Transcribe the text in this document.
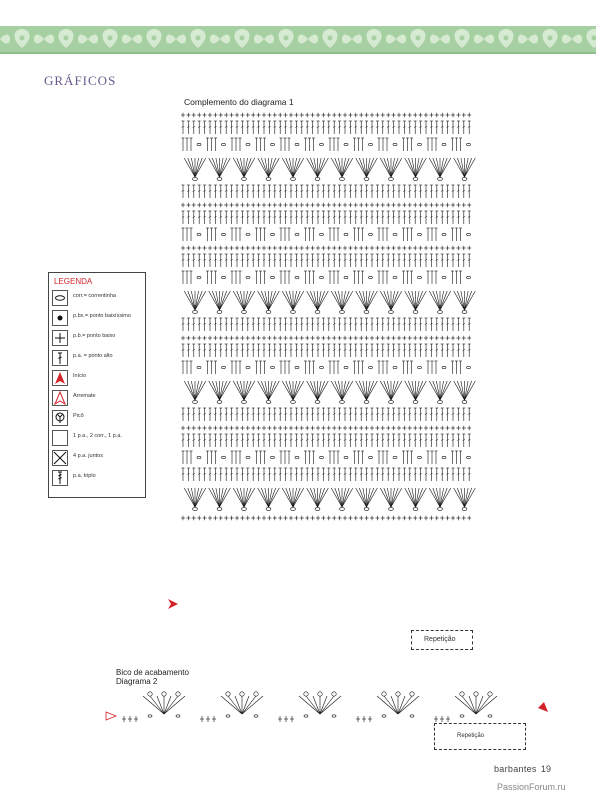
GRÁFICOS
Complemento do diagrama 1
LEGENDA
corr.= correntinha
p.bx.= ponto baixíssimo
p.b.= ponto baixo
p.a. = ponto alto
Início
Arremate
Picô
1 p.a., 2 corr., 1 p.a.
4 p.a. juntos
p.a. triplo
Repetição
Bico de acabamento
Diagrama 2
Repetição
barbantes 19
PassionForum.ru
